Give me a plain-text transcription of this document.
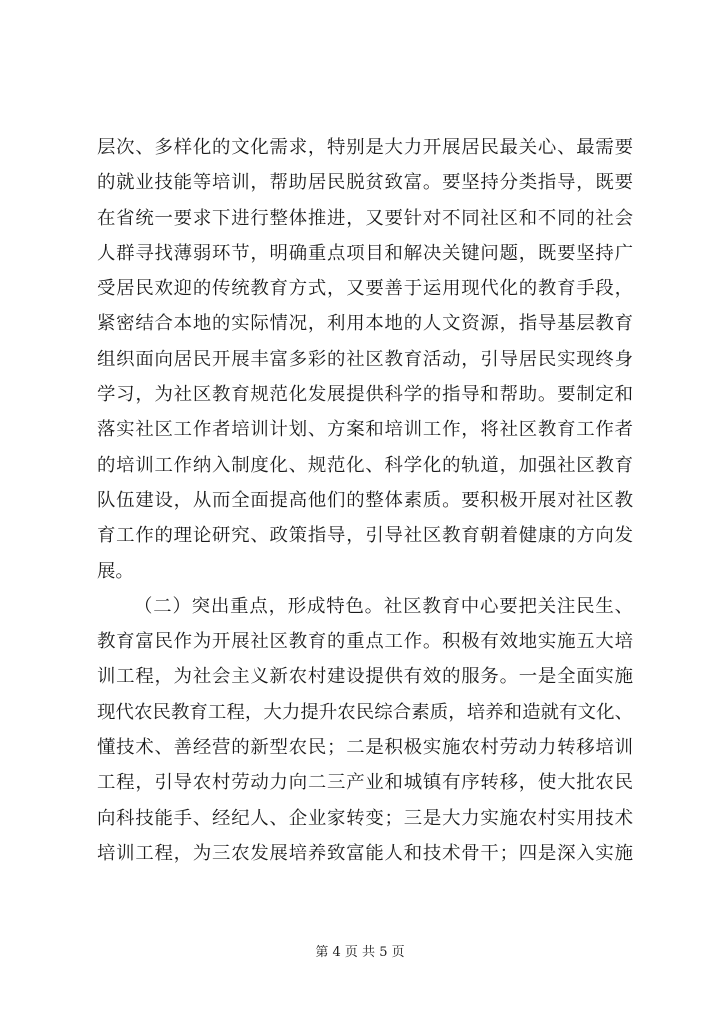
层次、多样化的文化需求，特别是大力开展居民最关心、最需要
的就业技能等培训，帮助居民脱贫致富。要坚持分类指导，既要
在省统一要求下进行整体推进，又要针对不同社区和不同的社会
人群寻找薄弱环节，明确重点项目和解决关键问题，既要坚持广
受居民欢迎的传统教育方式，又要善于运用现代化的教育手段，
紧密结合本地的实际情况，利用本地的人文资源，指导基层教育
组织面向居民开展丰富多彩的社区教育活动，引导居民实现终身
学习，为社区教育规范化发展提供科学的指导和帮助。要制定和
落实社区工作者培训计划、方案和培训工作，将社区教育工作者
的培训工作纳入制度化、规范化、科学化的轨道，加强社区教育
队伍建设，从而全面提高他们的整体素质。要积极开展对社区教
育工作的理论研究、政策指导，引导社区教育朝着健康的方向发
展。
（二）突出重点，形成特色。社区教育中心要把关注民生、
教育富民作为开展社区教育的重点工作。积极有效地实施五大培
训工程，为社会主义新农村建设提供有效的服务。一是全面实施
现代农民教育工程，大力提升农民综合素质，培养和造就有文化、
懂技术、善经营的新型农民；二是积极实施农村劳动力转移培训
工程，引导农村劳动力向二三产业和城镇有序转移，使大批农民
向科技能手、经纪人、企业家转变；三是大力实施农村实用技术
培训工程，为三农发展培养致富能人和技术骨干；四是深入实施
第 4 页 共 5 页
